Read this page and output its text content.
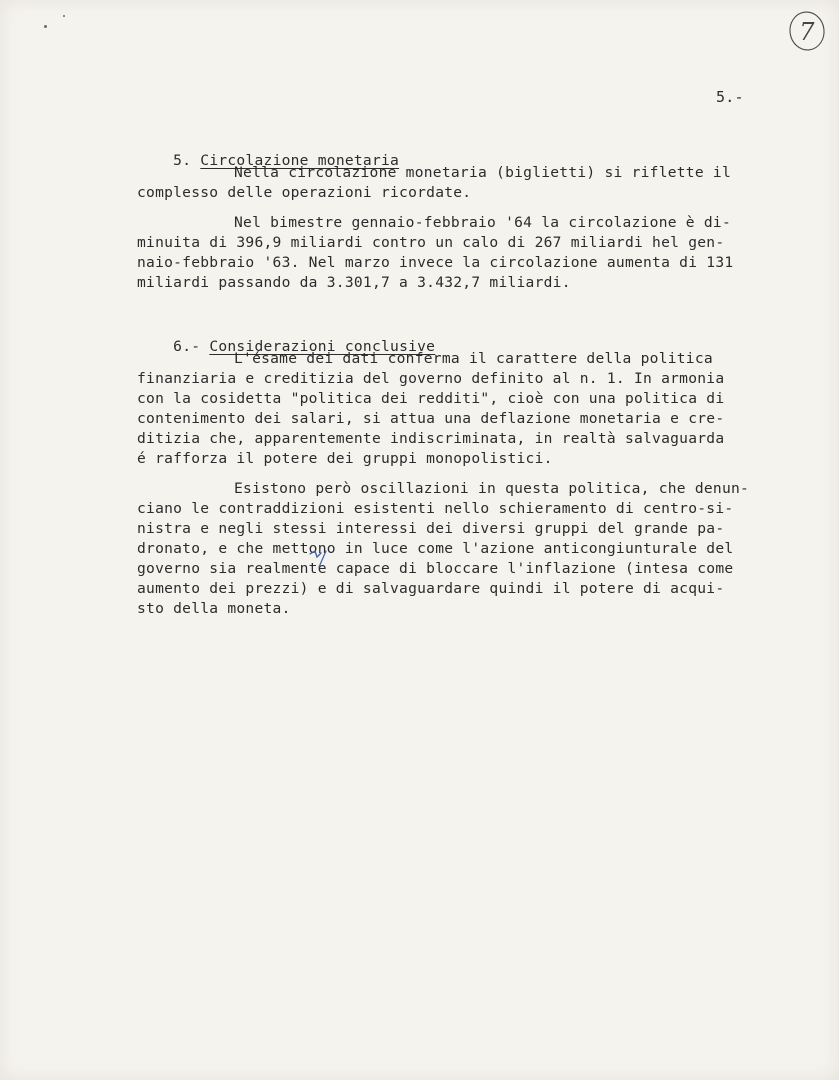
7
5.-

5. Circolazione monetaria

Nella circolazione monetaria (biglietti) si riflette il
complesso delle operazioni ricordate.
Nel bimestre gennaio-febbraio '64 la circolazione è di-
minuita di 396,9 miliardi contro un calo di 267 miliardi hel gen-
naio-febbraio '63. Nel marzo invece la circolazione aumenta di 131
miliardi passando da 3.301,7 a 3.432,7 miliardi.

6.- Considerazioni conclusive

L'ésame dei dati conferma il carattere della politica
finanziaria e creditizia del governo definito al n. 1. In armonia
con la cosidetta "politica dei redditi", cioè con una politica di
contenimento dei salari, si attua una deflazione monetaria e cre-
ditizia che, apparentemente indiscriminata, in realtà salvaguarda
é rafforza il potere dei gruppi monopolistici.
Esistono però oscillazioni in questa politica, che denun-
ciano le contraddizioni esistenti nello schieramento di centro-si-
nistra e negli stessi interessi dei diversi gruppi del grande pa-
dronato, e che mettono in luce come l'azione anticongiunturale del
governo sia realmente capace di bloccare l'inflazione (intesa come
aumento dei prezzi) e di salvaguardare quindi il potere di acqui-
sto della moneta.
